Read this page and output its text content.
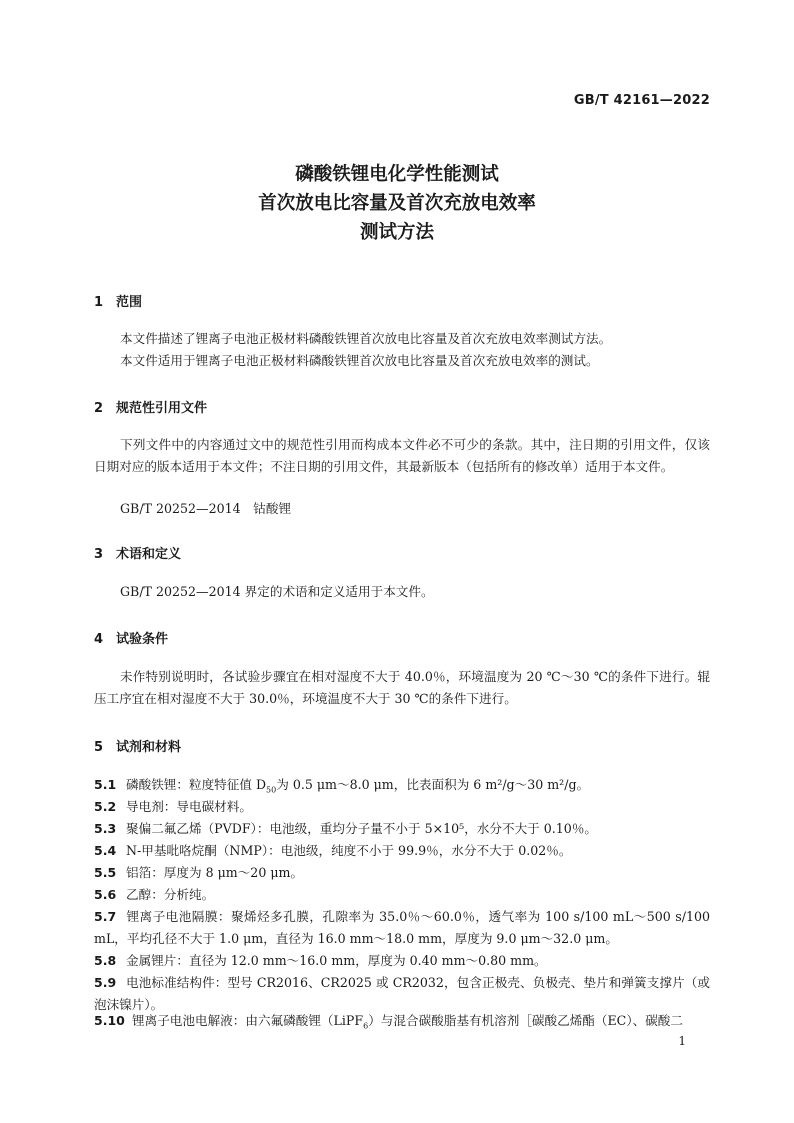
GB/T 42161—2022
磷酸铁锂电化学性能测试
首次放电比容量及首次充放电效率
测试方法
1 范围
本文件描述了锂离子电池正极材料磷酸铁锂首次放电比容量及首次充放电效率测试方法。
本文件适用于锂离子电池正极材料磷酸铁锂首次放电比容量及首次充放电效率的测试。
2 规范性引用文件
下列文件中的内容通过文中的规范性引用而构成本文件必不可少的条款。其中，注日期的引用文件，仅该日期对应的版本适用于本文件；不注日期的引用文件，其最新版本（包括所有的修改单）适用于本文件。
GB/T 20252—2014　钴酸锂
3 术语和定义
GB/T 20252—2014 界定的术语和定义适用于本文件。
4 试验条件
未作特别说明时，各试验步骤宜在相对湿度不大于 40.0％，环境温度为 20 ℃～30 ℃的条件下进行。辊压工序宜在相对湿度不大于 30.0％，环境温度不大于 30 ℃的条件下进行。
5 试剂和材料
5.1 磷酸铁锂：粒度特征值 $D_{50}$为 0.5 μm～8.0 μm，比表面积为 6 m²/g～30 m²/g。
5.2 导电剂：导电碳材料。
5.3 聚偏二氟乙烯（PVDF）：电池级，重均分子量不小于 5×10⁵，水分不大于 0.10％。
5.4 N-甲基吡咯烷酮（NMP）：电池级，纯度不小于 99.9％，水分不大于 0.02％。
5.5 铝箔：厚度为 8 μm～20 μm。
5.6 乙醇：分析纯。
5.7 锂离子电池隔膜：聚烯烃多孔膜，孔隙率为 35.0％～60.0％，透气率为 100 s/100 mL～500 s/100 mL，平均孔径不大于 1.0 μm，直径为 16.0 mm～18.0 mm，厚度为 9.0 μm～32.0 μm。
5.8 金属锂片：直径为 12.0 mm～16.0 mm，厚度为 0.40 mm～0.80 mm。
5.9 电池标准结构件：型号 CR2016、CR2025 或 CR2032，包含正极壳、负极壳、垫片和弹簧支撑片（或泡沫镍片）。
5.10 锂离子电池电解液：由六氟磷酸锂（LiPF$_6$）与混合碳酸脂基有机溶剂［碳酸乙烯酯（EC）、碳酸二
1
